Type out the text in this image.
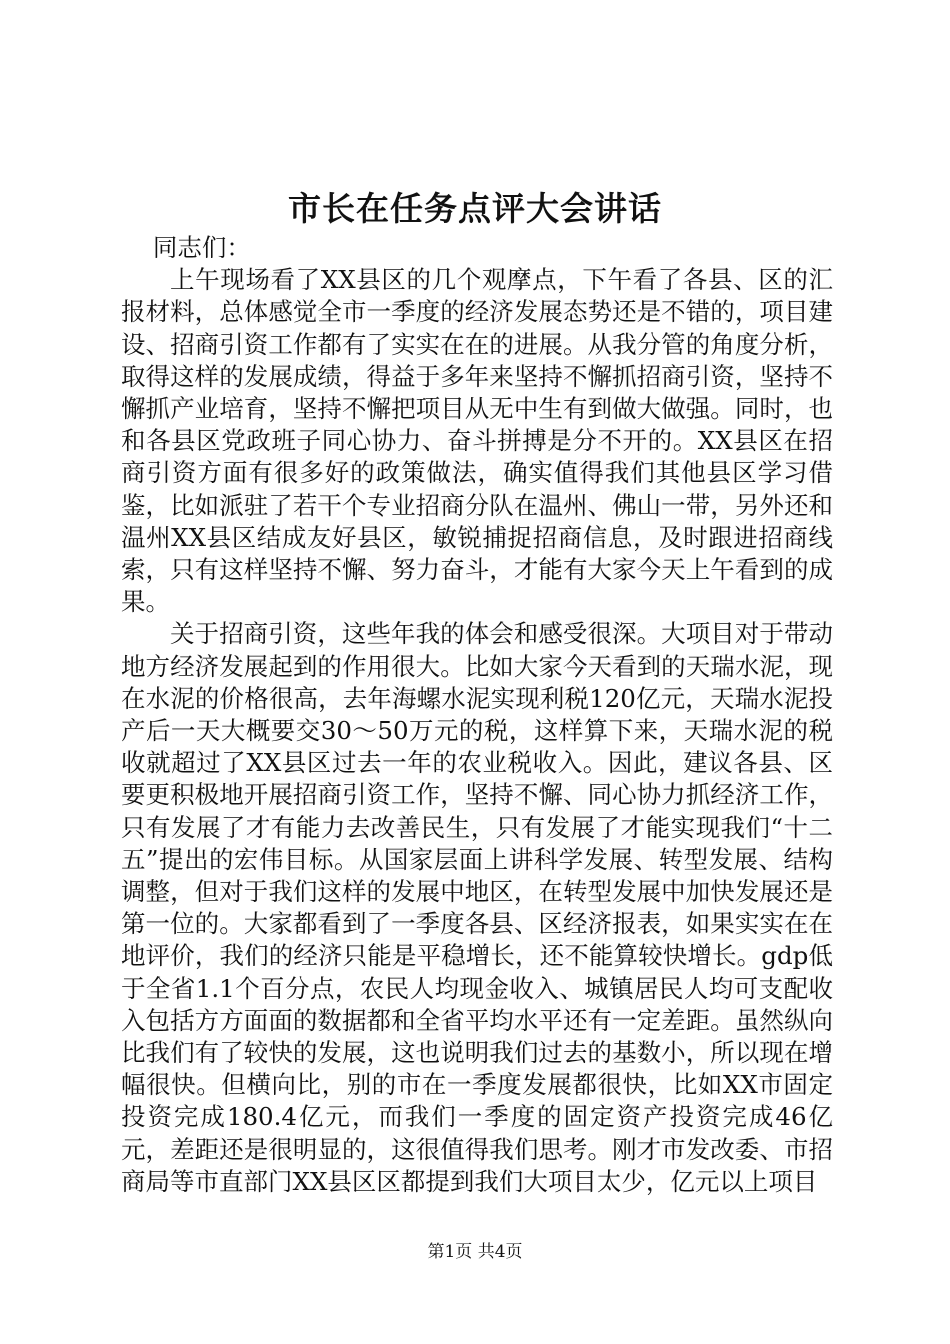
市长在任务点评大会讲话

同志们：

上午现场看了XX县区的几个观摩点，下午看了各县、区的汇报材料，总体感觉全市一季度的经济发展态势还是不错的，项目建设、招商引资工作都有了实实在在的进展。从我分管的角度分析，取得这样的发展成绩，得益于多年来坚持不懈抓招商引资，坚持不懈抓产业培育，坚持不懈把项目从无中生有到做大做强。同时，也和各县区党政班子同心协力、奋斗拼搏是分不开的。XX县区在招商引资方面有很多好的政策做法，确实值得我们其他县区学习借鉴，比如派驻了若干个专业招商分队在温州、佛山一带，另外还和温州XX县区结成友好县区，敏锐捕捉招商信息，及时跟进招商线索，只有这样坚持不懈、努力奋斗，才能有大家今天上午看到的成果。

关于招商引资，这些年我的体会和感受很深。大项目对于带动地方经济发展起到的作用很大。比如大家今天看到的天瑞水泥，现在水泥的价格很高，去年海螺水泥实现利税120亿元，天瑞水泥投产后一天大概要交30～50万元的税，这样算下来，天瑞水泥的税收就超过了XX县区过去一年的农业税收入。因此，建议各县、区要更积极地开展招商引资工作，坚持不懈、同心协力抓经济工作，只有发展了才有能力去改善民生，只有发展了才能实现我们“十二五”提出的宏伟目标。从国家层面上讲科学发展、转型发展、结构调整，但对于我们这样的发展中地区，在转型发展中加快发展还是第一位的。大家都看到了一季度各县、区经济报表，如果实实在在地评价，我们的经济只能是平稳增长，还不能算较快增长。gdp低于全省1.1个百分点，农民人均现金收入、城镇居民人均可支配收入包括方方面面的数据都和全省平均水平还有一定差距。虽然纵向比我们有了较快的发展，这也说明我们过去的基数小，所以现在增幅很快。但横向比，别的市在一季度发展都很快，比如XX市固定投资完成180.4亿元，而我们一季度的固定资产投资完成46亿元，差距还是很明显的，这很值得我们思考。刚才市发改委、市招商局等市直部门XX县区区都提到我们大项目太少，亿元以上项目

第1页 共4页
